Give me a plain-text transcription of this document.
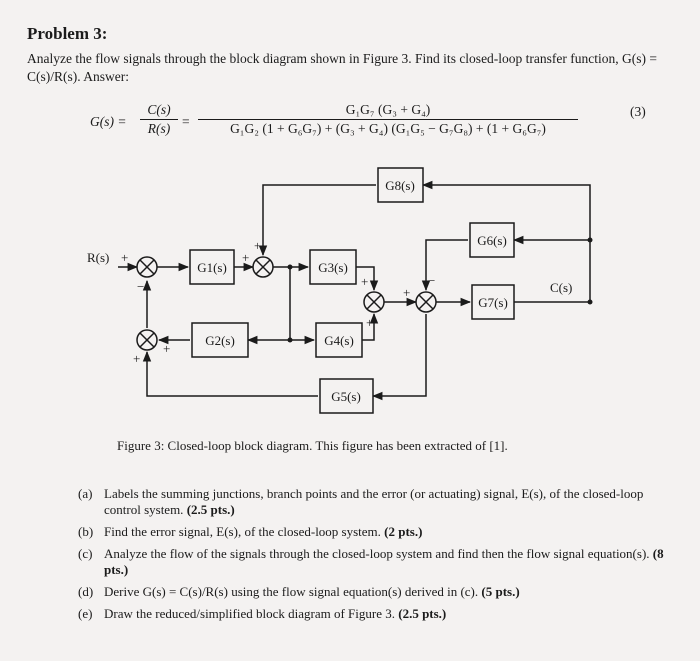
Problem 3:
Analyze the flow signals through the block diagram shown in Figure 3. Find its closed-loop transfer function, G(s) = C(s)/R(s). Answer:
G(s) =
C(s)
R(s) =
G₁G₇ (G₃ + G₄)
G₁G₂ (1 + G₆G₇) + (G₃ + G₄) (G₁G₅ − G₇G₈) + (1 + G₆G₇)
(3)
G1(s)	G3(s)
G2(s)	G4(s)
G5(s)
G6(s)
G7(s)
G8(s)
R(s)
C(s)
+
−
+
+
+
+
+
+
+
−
Figure 3: Closed-loop block diagram. This figure has been extracted of [1].
(a) Labels the summing junctions, branch points and the error (or actuating) signal, E(s), of the closed-loop control system. (2.5 pts.)
(b) Find the error signal, E(s), of the closed-loop system. (2 pts.)
(c) Analyze the flow of the signals through the closed-loop system and find then the flow signal equation(s). (8 pts.)
(d) Derive G(s) = C(s)/R(s) using the flow signal equation(s) derived in (c). (5 pts.)
(e) Draw the reduced/simplified block diagram of Figure 3. (2.5 pts.)
